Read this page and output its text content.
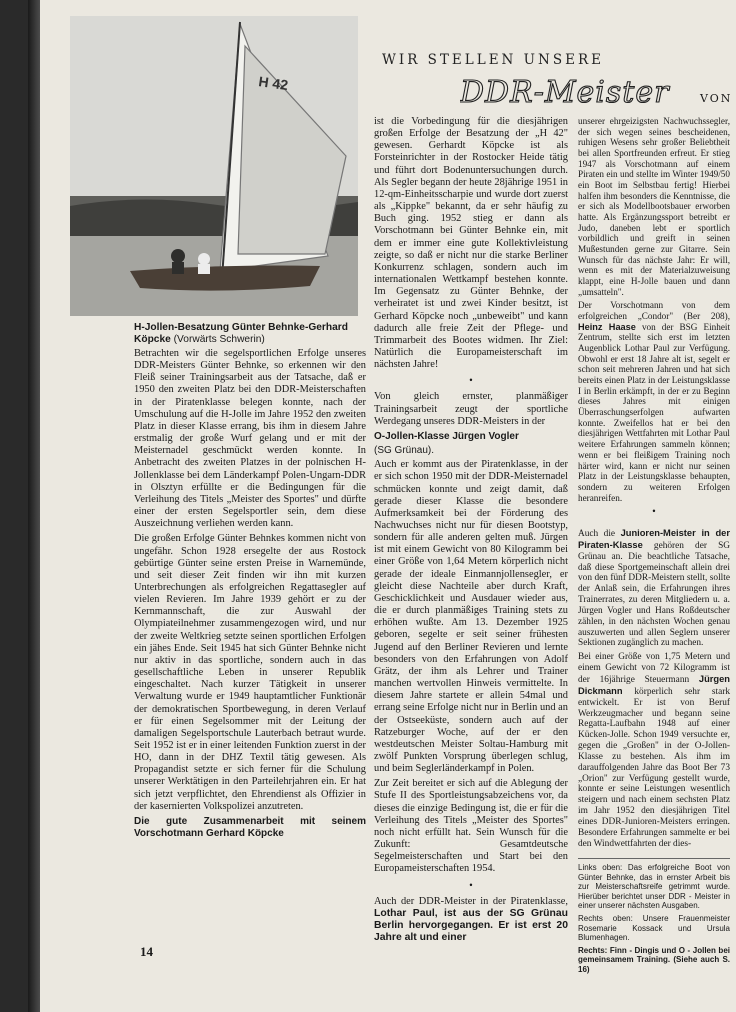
H 42
H-Jollen-Besatzung Günter Behnke-Gerhard Köpcke (Vorwärts Schwerin)

Betrachten wir die segelsportlichen Erfolge unseres DDR-Meisters Günter Behnke, so erkennen wir den Fleiß seiner Trainingsarbeit aus der Tatsache, daß er 1950 den zweiten Platz bei den DDR-Meisterschaften in der Piratenklasse belegen konnte, nach der Umschulung auf die H-Jolle im Jahre 1952 den zweiten Platz in dieser Klasse errang, bis ihm in diesem Jahre erstmalig der große Wurf gelang und er mit der Meisternadel geschmückt werden konnte. In Anbetracht des zweiten Platzes in der polnischen H-Jollenklasse bei dem Länderkampf Polen-Ungarn-DDR in Olsztyn erfüllte er die Bedingungen für die Verleihung des Titels „Meister des Sportes" und dürfte einer der ersten Segelsportler sein, dem diese Auszeichnung verliehen werden kann.

Die großen Erfolge Günter Behnkes kommen nicht von ungefähr. Schon 1928 ersegelte der aus Rostock gebürtige Günter seine ersten Preise in Warnemünde, und seit dieser Zeit finden wir ihn mit kurzen Unterbrechungen als erfolgreichen Regattasegler auf vielen Revieren. Im Jahre 1939 gehört er zu der Kernmannschaft, die zur Auswahl der Olympiateilnehmer zusammengezogen wird, und nur der zweite Weltkrieg setzte seinen sportlichen Erfolgen ein jähes Ende. Seit 1945 hat sich Günter Behnke nicht nur aktiv in das sportliche, sondern auch in das gesellschaftliche Leben in unserer Republik eingeschaltet. Nach kurzer Tätigkeit in unserer Verwaltung wurde er 1949 hauptamtlicher Funktionär der demokratischen Sportbewegung, in deren Verlauf er für einen Segelsommer mit der Leitung der damaligen Segelsportschule Lauterbach betraut wurde. Seit 1952 ist er in einer leitenden Funktion zuerst in der HO, dann in der DHZ Textil tätig gewesen. Als Propagandist setzte er sich ferner für die Schulung unserer Werktätigen in den Parteilehrjahren ein. Er hat sich jetzt verpflichtet, den Ehrendienst als Offizier in der kasernierten Volkspolizei anzutreten.

Die gute Zusammenarbeit mit seinem Vorschotmann Gerhard Köpcke

WIR STELLEN UNSERE
DDR-Meister	VON

ist die Vorbedingung für die diesjährigen großen Erfolge der Besatzung der „H 42" gewesen. Gerhardt Köpcke ist als Forsteinrichter in der Rostocker Heide tätig und führt dort Bodenuntersuchungen durch. Als Segler begann der heute 28jährige 1951 in 12-qm-Einheitsscharpie und wurde dort zuerst als „Kippke" bekannt, da er sehr häufig zu Buch ging. 1952 stieg er dann als Vorschotmann bei Günter Behnke ein, mit dem er immer eine gute Kollektivleistung zeigte, so daß er nicht nur die starke Berliner Konkurrenz schlagen, sondern auch im internationalen Wettkampf bestehen konnte. Im Gegensatz zu Günter Behnke, der verheiratet ist und zwei Kinder besitzt, ist Gerhard Köpcke noch „unbeweibt" und kann dadurch alle freie Zeit der Pflege- und Trimmarbeit des Bootes widmen. Ihr Ziel: Natürlich die Europameisterschaft im nächsten Jahre!

•

Von gleich ernster, planmäßiger Trainingsarbeit zeugt der sportliche Werdegang unseres DDR-Meisters in der

O-Jollen-Klasse Jürgen Vogler
(SG Grünau).

Auch er kommt aus der Piratenklasse, in der er sich schon 1950 mit der DDR-Meisternadel schmücken konnte und zeigt damit, daß gerade dieser Klasse die besondere Aufmerksamkeit bei der Förderung des Nachwuchses nicht nur für diesen Bootstyp, sondern für alle anderen gelten muß. Jürgen ist mit einem Gewicht von 80 Kilogramm bei einer Größe von 1,64 Metern körperlich nicht gerade der ideale Einmannjollensegler, er gleicht diese Nachteile aber durch Kraft, Geschicklichkeit und Ausdauer wieder aus, die er durch planmäßiges Training stets zu erhöhen wußte. Am 13. Dezember 1925 geboren, segelte er seit seiner frühesten Jugend auf den Berliner Revieren und lernte besonders von den Erfahrungen von Adolf Grätz, der ihm als Lehrer und Trainer manchen wertvollen Hinweis vermittelte. In diesem Jahre startete er allein 54mal und errang seine Erfolge nicht nur in Berlin und an der Ostseeküste, sondern auch auf der Ratzeburger Woche, auf der er den westdeutschen Meister Soltau-Hamburg mit zwölf Punkten Vorsprung überlegen schlug, und beim Seglerländerkampf in Polen.

Zur Zeit bereitet er sich auf die Ablegung der Stufe II des Sportleistungsabzeichens vor, da dieses die einzige Bedingung ist, die er für die Verleihung des Titels „Meister des Sportes" noch nicht erfüllt hat. Sein Wunsch für die Zukunft: Gesamtdeutsche Segelmeisterschaften und Start bei den Europameisterschaften 1954.

•

Auch der DDR-Meister in der Piratenklasse, Lothar Paul, ist aus der SG Grünau Berlin hervorgegangen. Er ist erst 20 Jahre alt und einer

unserer ehrgeizigsten Nachwuchssegler, der sich wegen seines bescheidenen, ruhigen Wesens sehr großer Beliebtheit bei allen Sportfreunden erfreut. Er stieg 1947 als Vorschotmann auf einem Piraten ein und stellte im Winter 1949/50 ein Boot im Selbstbau fertig! Hierbei halfen ihm besonders die Kenntnisse, die er sich als Modellbootsbauer erworben hatte. Als Ergänzungssport betreibt er Judo, daneben lebt er sportlich vorbildlich und greift in seinen Mußestunden gerne zur Gitarre. Sein Wunsch für das nächste Jahr: Er will, wenn es mit der Materialzuweisung klappt, eine H-Jolle bauen und dann „umsatteln".

Der Vorschotmann von dem erfolgreichen „Condor" (Ber 208), Heinz Haase von der BSG Einheit Zentrum, stellte sich erst im letzten Augenblick Lothar Paul zur Verfügung. Obwohl er erst 18 Jahre alt ist, segelt er schon seit mehreren Jahren und hat sich bereits einen Platz in der Leistungsklasse I in Berlin erkämpft, in der er zu Beginn dieses Jahres mit einigen Überraschungserfolgen aufwarten konnte. Zweifellos hat er bei den diesjährigen Wettfahrten mit Lothar Paul weitere Erfahrungen sammeln können; wenn er bei fleißigem Training noch härter wird, kann er nicht nur seinen Platz in der Leistungsklasse behaupten, sondern zu weiteren Erfolgen heranreifen.

•

Auch die Junioren-Meister in der Piraten-Klasse gehören der SG Grünau an. Die beachtliche Tatsache, daß diese Sportgemeinschaft allein drei von den fünf DDR-Meistern stellt, sollte der Anlaß sein, die Erfahrungen ihres Trainerrates, zu deren Mitgliedern u. a. Jürgen Vogler und Hans Roßdeutscher zählen, in den nächsten Wochen genau auszuwerten und allen Seglern unserer Sektionen zugänglich zu machen.

Bei einer Größe von 1,75 Metern und einem Gewicht von 72 Kilogramm ist der 16jährige Steuermann Jürgen Dickmann körperlich sehr stark entwickelt. Er ist von Beruf Werkzeugmacher und begann seine Regatta-Laufbahn 1948 auf einer Kücken-Jolle. Schon 1949 versuchte er, gegen die „Großen" in der O-Jollen-Klasse zu bestehen. Als ihm im darauffolgenden Jahre das Boot Ber 73 „Orion" zur Verfügung gestellt wurde, konnte er seine Leistungen wesentlich steigern und nach einem sechsten Platz im Jahr 1952 den diesjährigen Titel eines DDR-Junioren-Meisters erringen. Besondere Erfahrungen sammelte er bei den Windwettfahrten der dies-

Links oben: Das erfolgreiche Boot von Günter Behnke, das in ernster Arbeit bis zur Meisterschaftsreife getrimmt wurde. Hierüber berichtet unser DDR - Meister in einer unserer nächsten Ausgaben.

Rechts oben: Unsere Frauenmeister Rosemarie Kossack und Ursula Blumenhagen.

Rechts: Finn - Dingis und O - Jollen bei gemeinsamem Training. (Siehe auch S. 16)

14
